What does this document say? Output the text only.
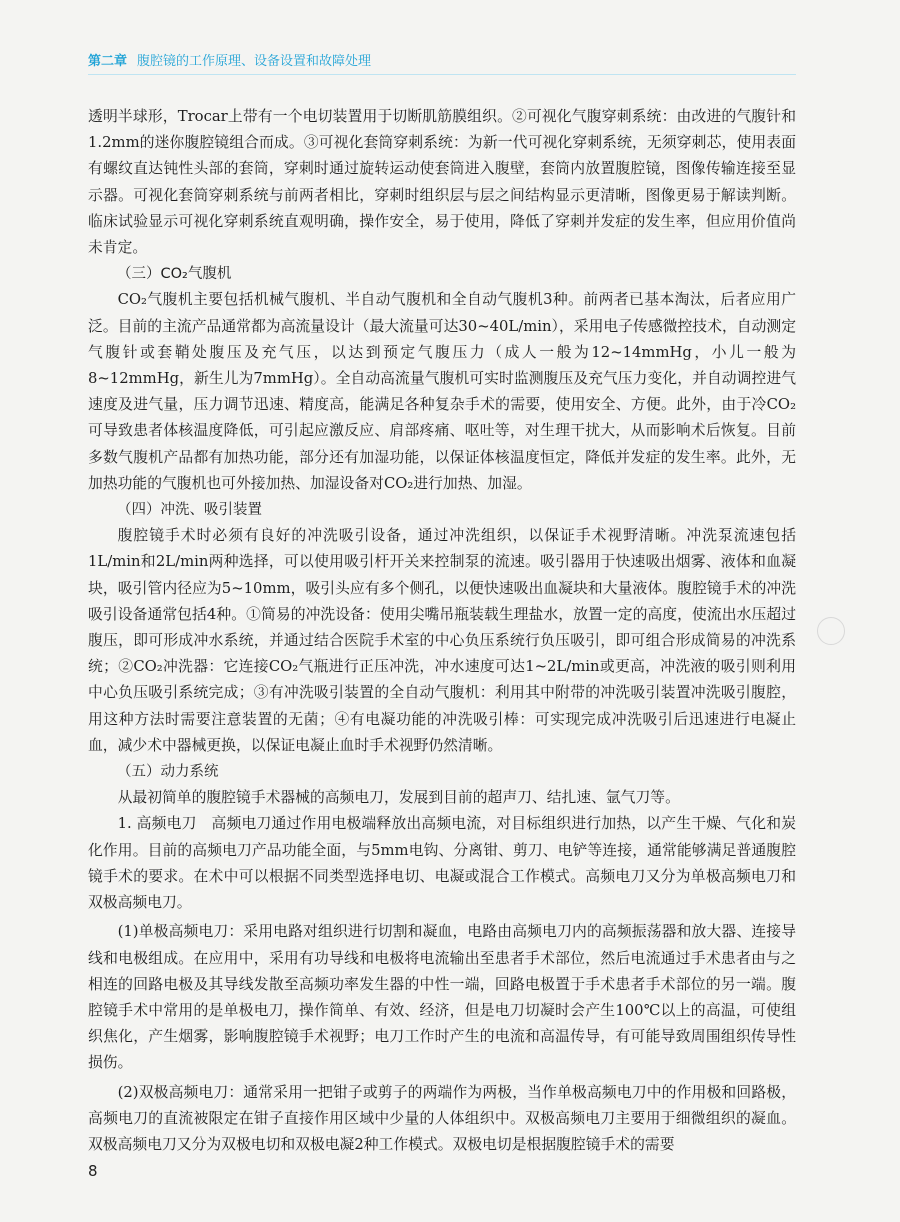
第二章 腹腔镜的工作原理、设备设置和故障处理

透明半球形，Trocar上带有一个电切装置用于切断肌筋膜组织。②可视化气腹穿刺系统：由改进的气腹针和1.2mm的迷你腹腔镜组合而成。③可视化套筒穿刺系统：为新一代可视化穿刺系统，无须穿刺芯，使用表面有螺纹直达钝性头部的套筒，穿刺时通过旋转运动使套筒进入腹壁，套筒内放置腹腔镜，图像传输连接至显示器。可视化套筒穿刺系统与前两者相比，穿刺时组织层与层之间结构显示更清晰，图像更易于解读判断。临床试验显示可视化穿刺系统直观明确，操作安全，易于使用，降低了穿刺并发症的发生率，但应用价值尚未肯定。

（三）CO₂气腹机

CO₂气腹机主要包括机械气腹机、半自动气腹机和全自动气腹机3种。前两者已基本淘汰，后者应用广泛。目前的主流产品通常都为高流量设计（最大流量可达30~40L/min），采用电子传感微控技术，自动测定气腹针或套鞘处腹压及充气压，以达到预定气腹压力（成人一般为12~14mmHg，小儿一般为8~12mmHg，新生儿为7mmHg）。全自动高流量气腹机可实时监测腹压及充气压力变化，并自动调控进气速度及进气量，压力调节迅速、精度高，能满足各种复杂手术的需要，使用安全、方便。此外，由于冷CO₂可导致患者体核温度降低，可引起应激反应、肩部疼痛、呕吐等，对生理干扰大，从而影响术后恢复。目前多数气腹机产品都有加热功能，部分还有加湿功能，以保证体核温度恒定，降低并发症的发生率。此外，无加热功能的气腹机也可外接加热、加湿设备对CO₂进行加热、加湿。

（四）冲洗、吸引装置

腹腔镜手术时必须有良好的冲洗吸引设备，通过冲洗组织，以保证手术视野清晰。冲洗泵流速包括1L/min和2L/min两种选择，可以使用吸引杆开关来控制泵的流速。吸引器用于快速吸出烟雾、液体和血凝块，吸引管内径应为5~10mm，吸引头应有多个侧孔，以便快速吸出血凝块和大量液体。腹腔镜手术的冲洗吸引设备通常包括4种。①简易的冲洗设备：使用尖嘴吊瓶装载生理盐水，放置一定的高度，使流出水压超过腹压，即可形成冲水系统，并通过结合医院手术室的中心负压系统行负压吸引，即可组合形成简易的冲洗系统；②CO₂冲洗器：它连接CO₂气瓶进行正压冲洗，冲水速度可达1~2L/min或更高，冲洗液的吸引则利用中心负压吸引系统完成；③有冲洗吸引装置的全自动气腹机：利用其中附带的冲洗吸引装置冲洗吸引腹腔，用这种方法时需要注意装置的无菌；④有电凝功能的冲洗吸引棒：可实现完成冲洗吸引后迅速进行电凝止血，减少术中器械更换，以保证电凝止血时手术视野仍然清晰。

（五）动力系统

从最初简单的腹腔镜手术器械的高频电刀，发展到目前的超声刀、结扎速、氩气刀等。

1. 高频电刀　高频电刀通过作用电极端释放出高频电流，对目标组织进行加热，以产生干燥、气化和炭化作用。目前的高频电刀产品功能全面，与5mm电钩、分离钳、剪刀、电铲等连接，通常能够满足普通腹腔镜手术的要求。在术中可以根据不同类型选择电切、电凝或混合工作模式。高频电刀又分为单极高频电刀和双极高频电刀。

(1)单极高频电刀：采用电路对组织进行切割和凝血，电路由高频电刀内的高频振荡器和放大器、连接导线和电极组成。在应用中，采用有功导线和电极将电流输出至患者手术部位，然后电流通过手术患者由与之相连的回路电极及其导线发散至高频功率发生器的中性一端，回路电极置于手术患者手术部位的另一端。腹腔镜手术中常用的是单极电刀，操作简单、有效、经济，但是电刀切凝时会产生100℃以上的高温，可使组织焦化，产生烟雾，影响腹腔镜手术视野；电刀工作时产生的电流和高温传导，有可能导致周围组织传导性损伤。

(2)双极高频电刀：通常采用一把钳子或剪子的两端作为两极，当作单极高频电刀中的作用极和回路极，高频电刀的直流被限定在钳子直接作用区域中少量的人体组织中。双极高频电刀主要用于细微组织的凝血。双极高频电刀又分为双极电切和双极电凝2种工作模式。双极电切是根据腹腔镜手术的需要

8
